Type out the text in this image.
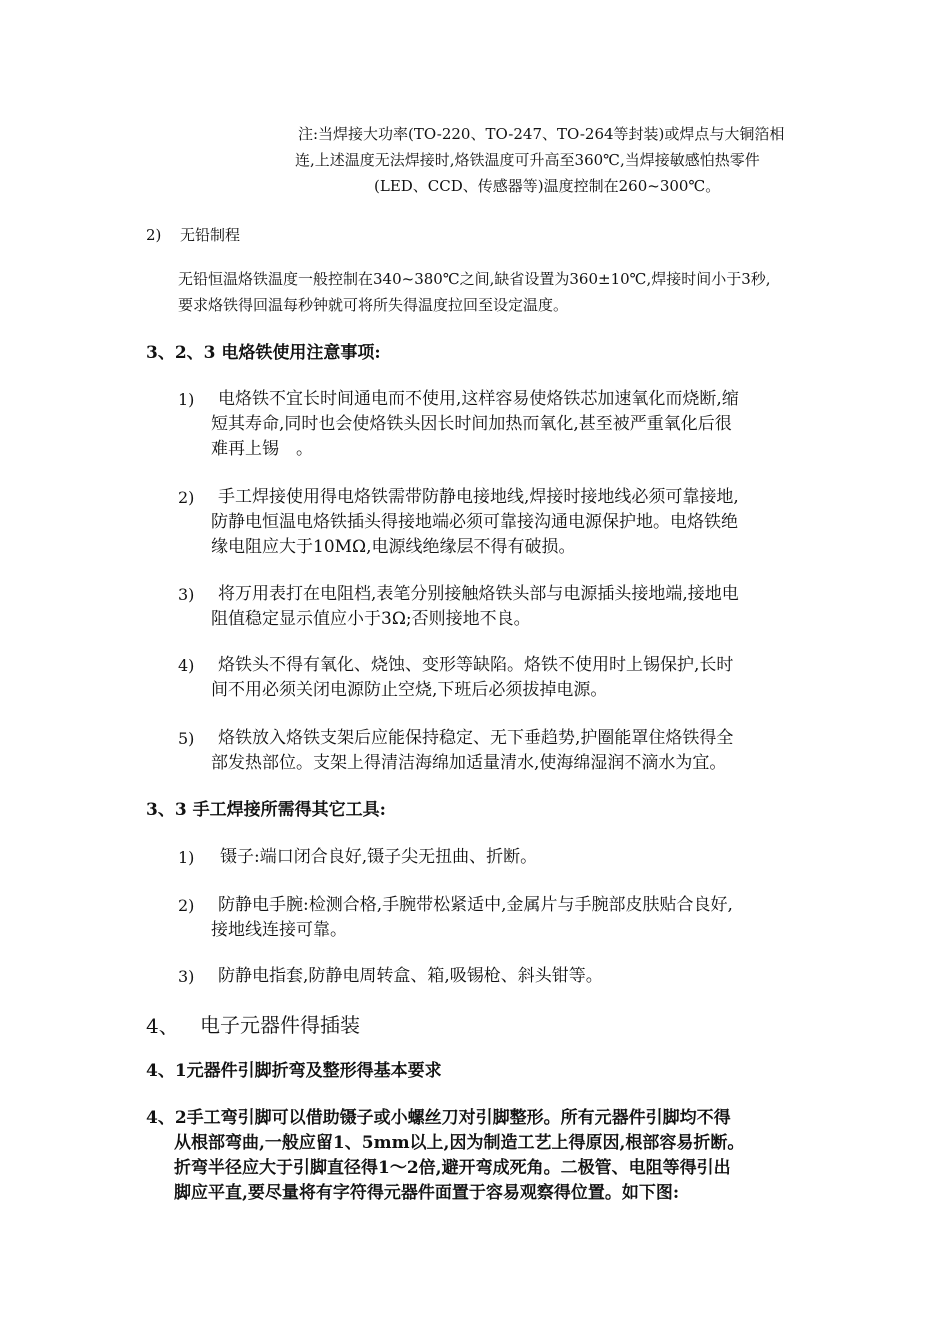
注:当焊接大功率(TO-220、TO-247、TO-264等封装)或焊点与大铜箔相
连,上述温度无法焊接时,烙铁温度可升高至360℃,当焊接敏感怕热零件
(LED、CCD、传感器等)温度控制在260~300℃。
2) 无铅制程
无铅恒温烙铁温度一般控制在340~380℃之间,缺省设置为360±10℃,焊接时间小于3秒,
要求烙铁得回温每秒钟就可将所失得温度拉回至设定温度。
3、2、3 电烙铁使用注意事项:
1) 电烙铁不宜长时间通电而不使用,这样容易使烙铁芯加速氧化而烧断,缩
短其寿命,同时也会使烙铁头因长时间加热而氧化,甚至被严重氧化后很
难再上锡　。
2) 手工焊接使用得电烙铁需带防静电接地线,焊接时接地线必须可靠接地,
防静电恒温电烙铁插头得接地端必须可靠接沟通电源保护地。电烙铁绝
缘电阻应大于10MΩ,电源线绝缘层不得有破损。
3) 将万用表打在电阻档,表笔分别接触烙铁头部与电源插头接地端,接地电
阻值稳定显示值应小于3Ω;否则接地不良。
4) 烙铁头不得有氧化、烧蚀、变形等缺陷。烙铁不使用时上锡保护,长时
间不用必须关闭电源防止空烧,下班后必须拔掉电源。
5) 烙铁放入烙铁支架后应能保持稳定、无下垂趋势,护圈能罩住烙铁得全
部发热部位。支架上得清洁海绵加适量清水,使海绵湿润不滴水为宜。
3、3 手工焊接所需得其它工具:
1) 镊子:端口闭合良好,镊子尖无扭曲、折断。
2) 防静电手腕:检测合格,手腕带松紧适中,金属片与手腕部皮肤贴合良好,
接地线连接可靠。
3) 防静电指套,防静电周转盒、箱,吸锡枪、斜头钳等。
4、 电子元器件得插装
4、1元器件引脚折弯及整形得基本要求
4、2手工弯引脚可以借助镊子或小螺丝刀对引脚整形。所有元器件引脚均不得
从根部弯曲,一般应留1、5mm以上,因为制造工艺上得原因,根部容易折断。
折弯半径应大于引脚直径得1～2倍,避开弯成死角。二极管、电阻等得引出
脚应平直,要尽量将有字符得元器件面置于容易观察得位置。如下图:
